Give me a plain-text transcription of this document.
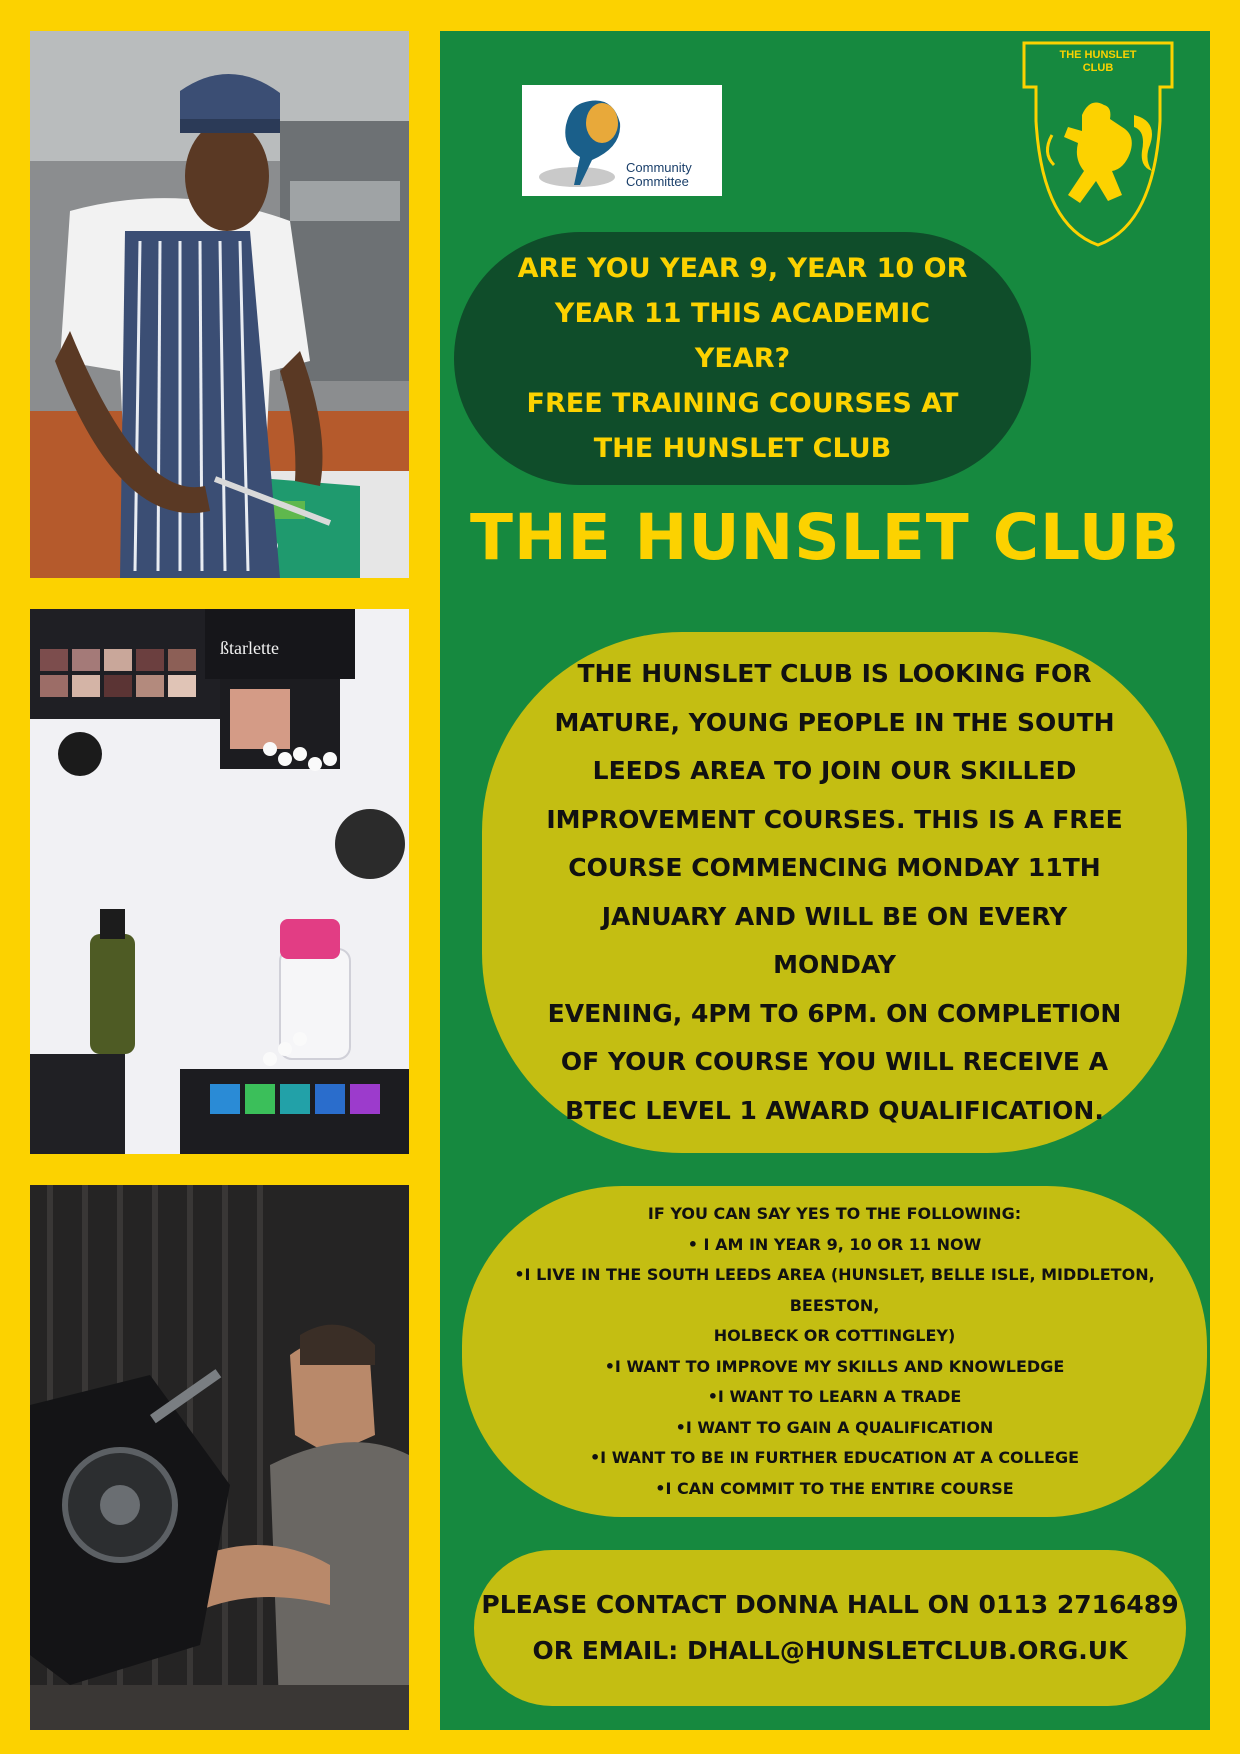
ßtarlette
Community
Committee
THE HUNSLET
CLUB
ARE YOU YEAR 9, YEAR 10 OR
YEAR 11 THIS ACADEMIC YEAR?
FREE TRAINING COURSES AT
THE HUNSLET CLUB
THE HUNSLET CLUB
THE HUNSLET CLUB IS LOOKING FOR
MATURE, YOUNG PEOPLE IN THE SOUTH
LEEDS AREA TO JOIN OUR SKILLED
IMPROVEMENT COURSES. THIS IS A FREE
COURSE COMMENCING MONDAY 11TH
JANUARY AND WILL BE ON EVERY MONDAY
EVENING, 4PM TO 6PM. ON COMPLETION
OF YOUR COURSE YOU WILL RECEIVE A
BTEC LEVEL 1 AWARD QUALIFICATION.
IF YOU CAN SAY YES TO THE FOLLOWING:
• I AM IN YEAR 9, 10 OR 11 NOW
•I LIVE IN THE SOUTH LEEDS AREA (HUNSLET, BELLE ISLE, MIDDLETON, BEESTON,
HOLBECK OR COTTINGLEY)
•I WANT TO IMPROVE MY SKILLS AND KNOWLEDGE
•I WANT TO LEARN A TRADE
•I WANT TO GAIN A QUALIFICATION
•I WANT TO BE IN FURTHER EDUCATION AT A COLLEGE
•I CAN COMMIT TO THE ENTIRE COURSE
PLEASE CONTACT DONNA HALL ON 0113 2716489
OR EMAIL: DHALL@HUNSLETCLUB.ORG.UK
